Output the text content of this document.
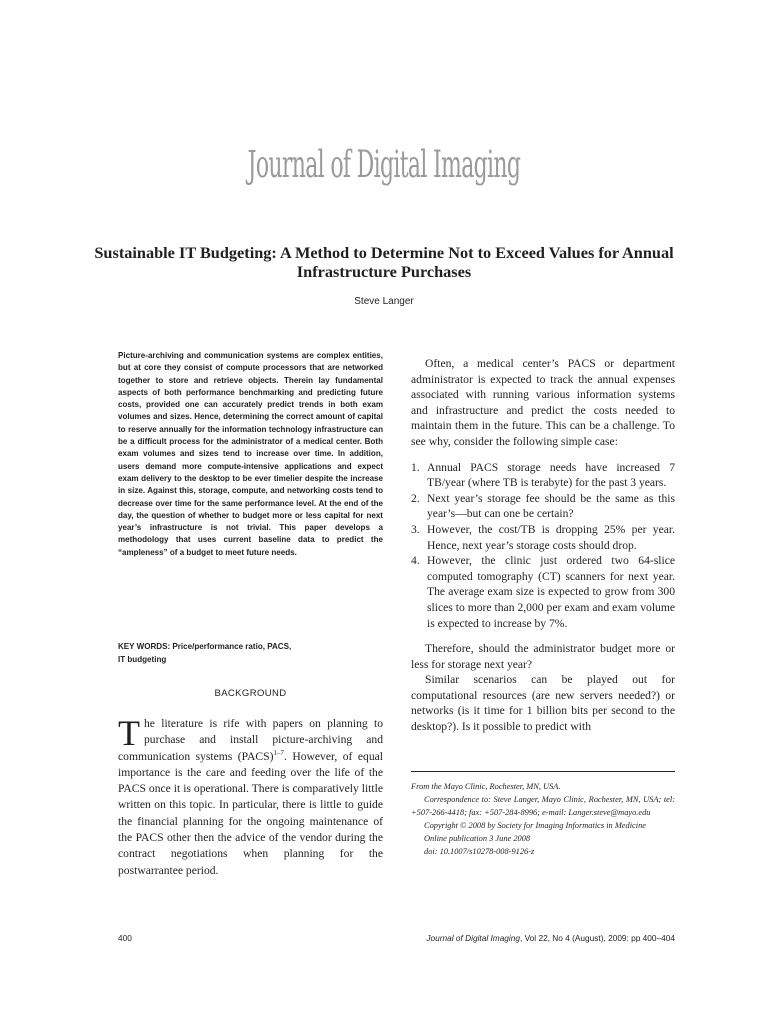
Journal of Digital Imaging
Sustainable IT Budgeting: A Method to Determine Not to Exceed Values for Annual Infrastructure Purchases
Steve Langer

Picture-archiving and communication systems are complex entities, but at core they consist of compute processors that are networked together to store and retrieve objects. Therein lay fundamental aspects of both performance benchmarking and predicting future costs, provided one can accurately predict trends in both exam volumes and sizes. Hence, determining the correct amount of capital to reserve annually for the information technology infrastructure can be a difficult process for the administrator of a medical center. Both exam volumes and sizes tend to increase over time. In addition, users demand more compute-intensive applications and expect exam delivery to the desktop to be ever timelier despite the increase in size. Against this, storage, compute, and networking costs tend to decrease over time for the same performance level. At the end of the day, the question of whether to budget more or less capital for next year’s infrastructure is not trivial. This paper develops a methodology that uses current baseline data to predict the “ampleness” of a budget to meet future needs.

KEY WORDS: Price/performance ratio, PACS,
IT budgeting

BACKGROUND

The literature is rife with papers on planning to purchase and install picture-archiving and communication systems (PACS)$^{1-7}$. However, of equal importance is the care and feeding over the life of the PACS once it is operational. There is comparatively little written on this topic. In particular, there is little to guide the financial planning for the ongoing maintenance of the PACS other then the advice of the vendor during the contract negotiations when planning for the postwarrantee period.

Often, a medical center’s PACS or department administrator is expected to track the annual expenses associated with running various information systems and infrastructure and predict the costs needed to maintain them in the future. This can be a challenge. To see why, consider the following simple case:

1. Annual PACS storage needs have increased 7 TB/year (where TB is terabyte) for the past 3 years.
2. Next year’s storage fee should be the same as this year’s—but can one be certain?
3. However, the cost/TB is dropping 25% per year. Hence, next year’s storage costs should drop.
4. However, the clinic just ordered two 64-slice computed tomography (CT) scanners for next year. The average exam size is expected to grow from 300 slices to more than 2,000 per exam and exam volume is expected to increase by 7%.

Therefore, should the administrator budget more or less for storage next year?

Similar scenarios can be played out for computational resources (are new servers needed?) or networks (is it time for 1 billion bits per second to the desktop?). Is it possible to predict with

From the Mayo Clinic, Rochester, MN, USA.

Correspondence to: Steve Langer, Mayo Clinic, Rochester, MN, USA; tel: +507-266-4418; fax: +507-284-8996; e-mail: Langer.steve@mayo.edu

Copyright © 2008 by Society for Imaging Informatics in Medicine

Online publication 3 June 2008

doi: 10.1007/s10278-008-9126-z

400	Journal of Digital Imaging, Vol 22, No 4 (August), 2009: pp 400–404
